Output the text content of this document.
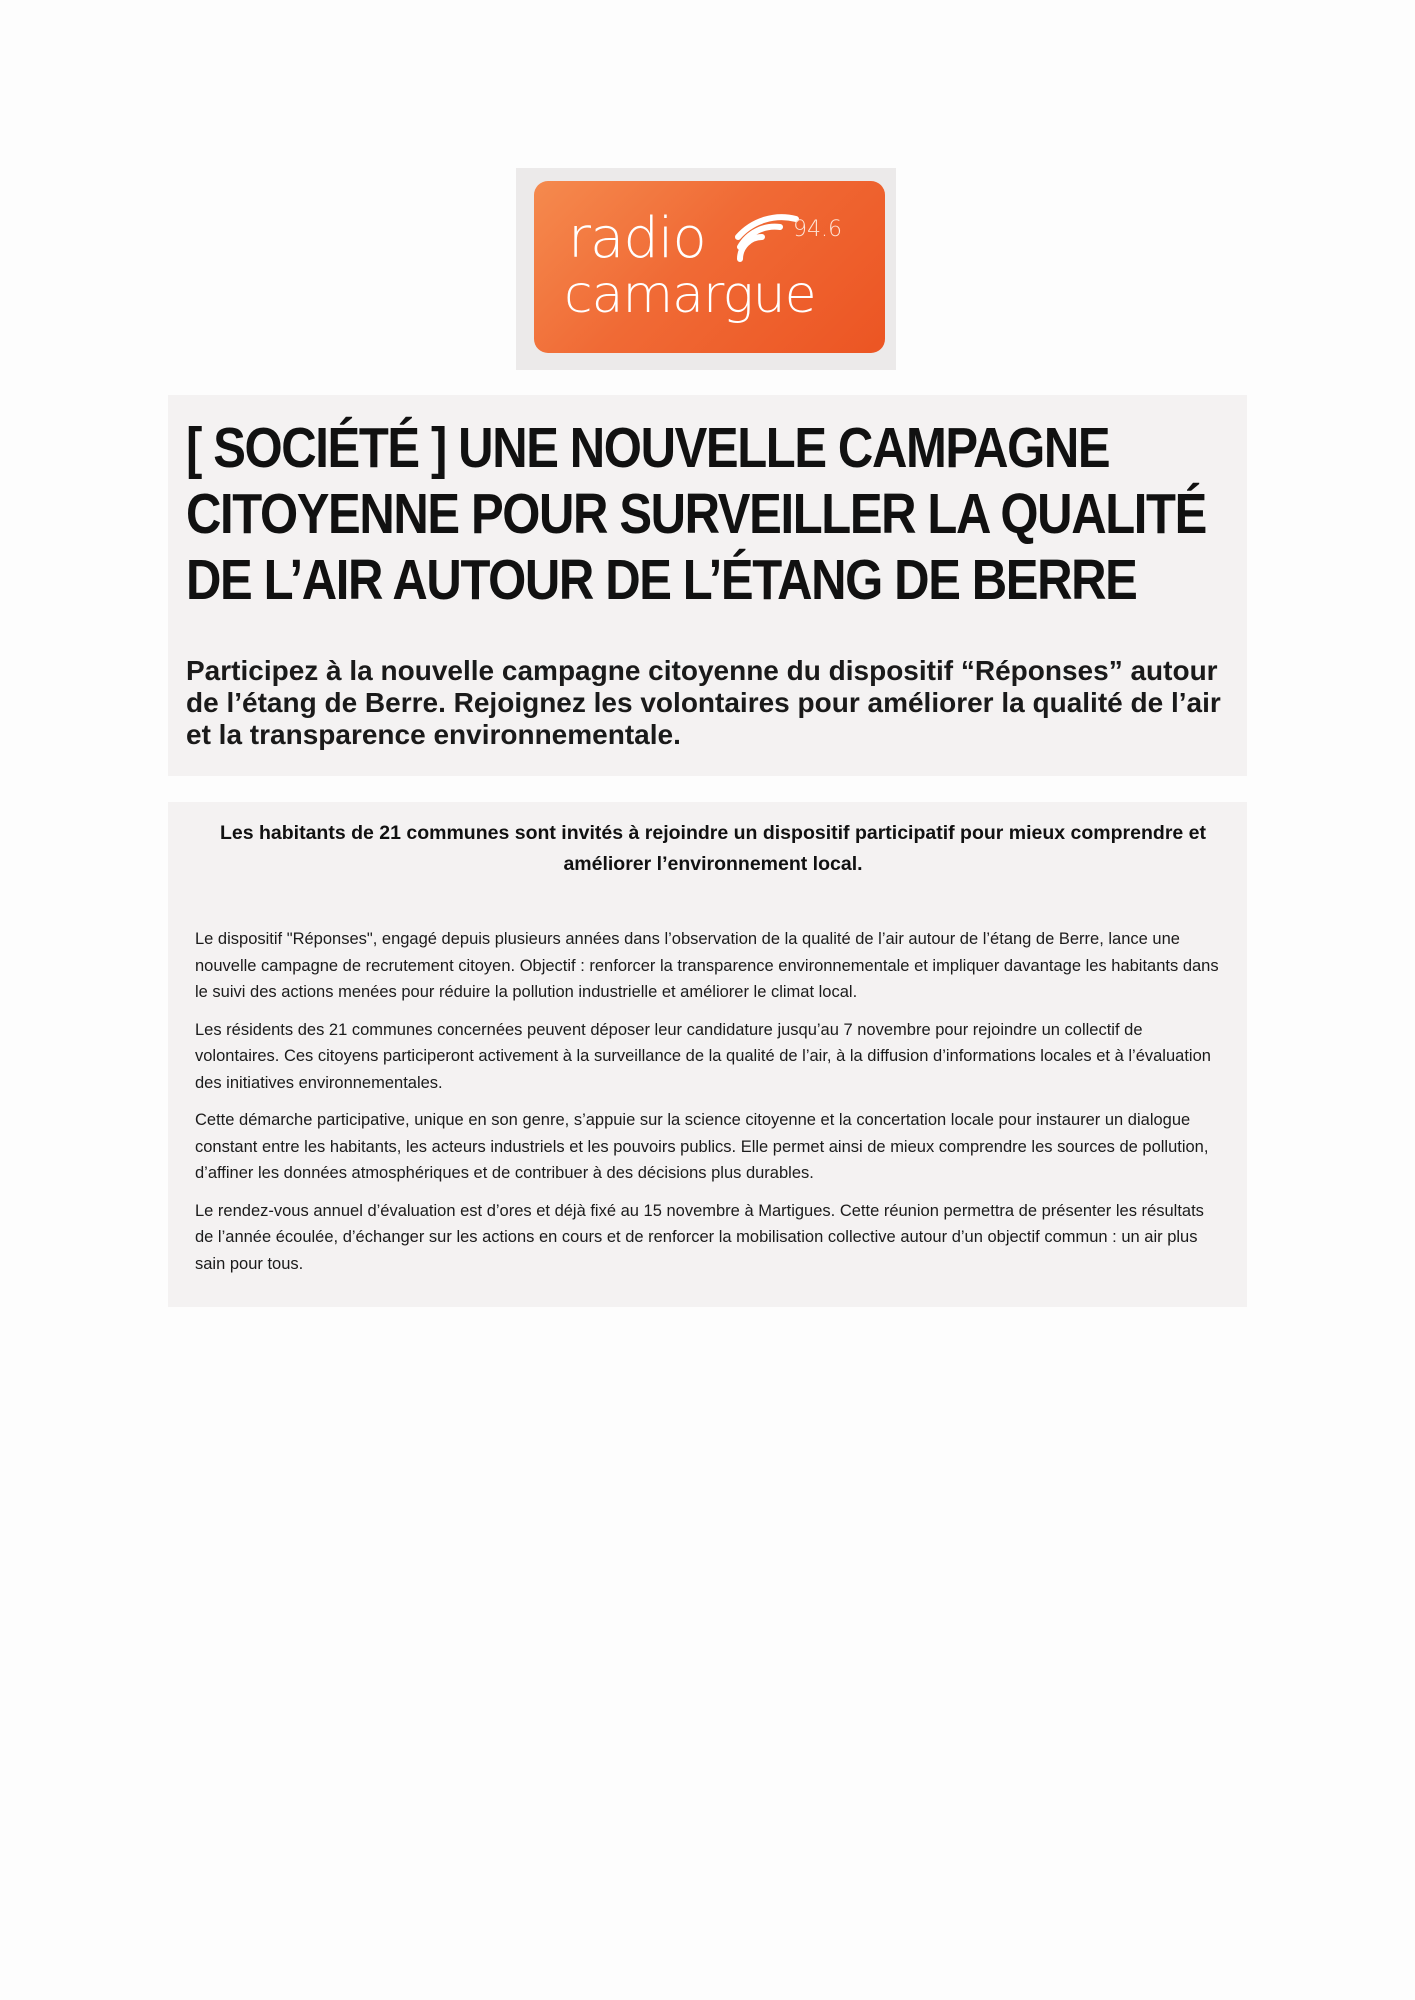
radio
camargue
94.6
[ SOCIÉTÉ ] UNE NOUVELLE CAMPAGNE CITOYENNE POUR SURVEILLER LA QUALITÉ DE L’AIR AUTOUR DE L’ÉTANG DE BERRE

Participez à la nouvelle campagne citoyenne du dispositif “Réponses” autour de l’étang de Berre. Rejoignez les volontaires pour améliorer la qualité de l’air et la transparence environnementale.

Les habitants de 21 communes sont invités à rejoindre un dispositif participatif pour mieux comprendre et améliorer l’environnement local.

Le dispositif "Réponses", engagé depuis plusieurs années dans l’observation de la qualité de l’air autour de l’étang de Berre, lance une nouvelle campagne de recrutement citoyen. Objectif : renforcer la transparence environnementale et impliquer davantage les habitants dans le suivi des actions menées pour réduire la pollution industrielle et améliorer le climat local.

Les résidents des 21 communes concernées peuvent déposer leur candidature jusqu’au 7 novembre pour rejoindre un collectif de volontaires. Ces citoyens participeront activement à la surveillance de la qualité de l’air, à la diffusion d’informations locales et à l’évaluation des initiatives environnementales.

Cette démarche participative, unique en son genre, s’appuie sur la science citoyenne et la concertation locale pour instaurer un dialogue constant entre les habitants, les acteurs industriels et les pouvoirs publics. Elle permet ainsi de mieux comprendre les sources de pollution, d’affiner les données atmosphériques et de contribuer à des décisions plus durables.

Le rendez-vous annuel d’évaluation est d’ores et déjà fixé au 15 novembre à Martigues. Cette réunion permettra de présenter les résultats de l’année écoulée, d’échanger sur les actions en cours et de renforcer la mobilisation collective autour d’un objectif commun : un air plus sain pour tous.
